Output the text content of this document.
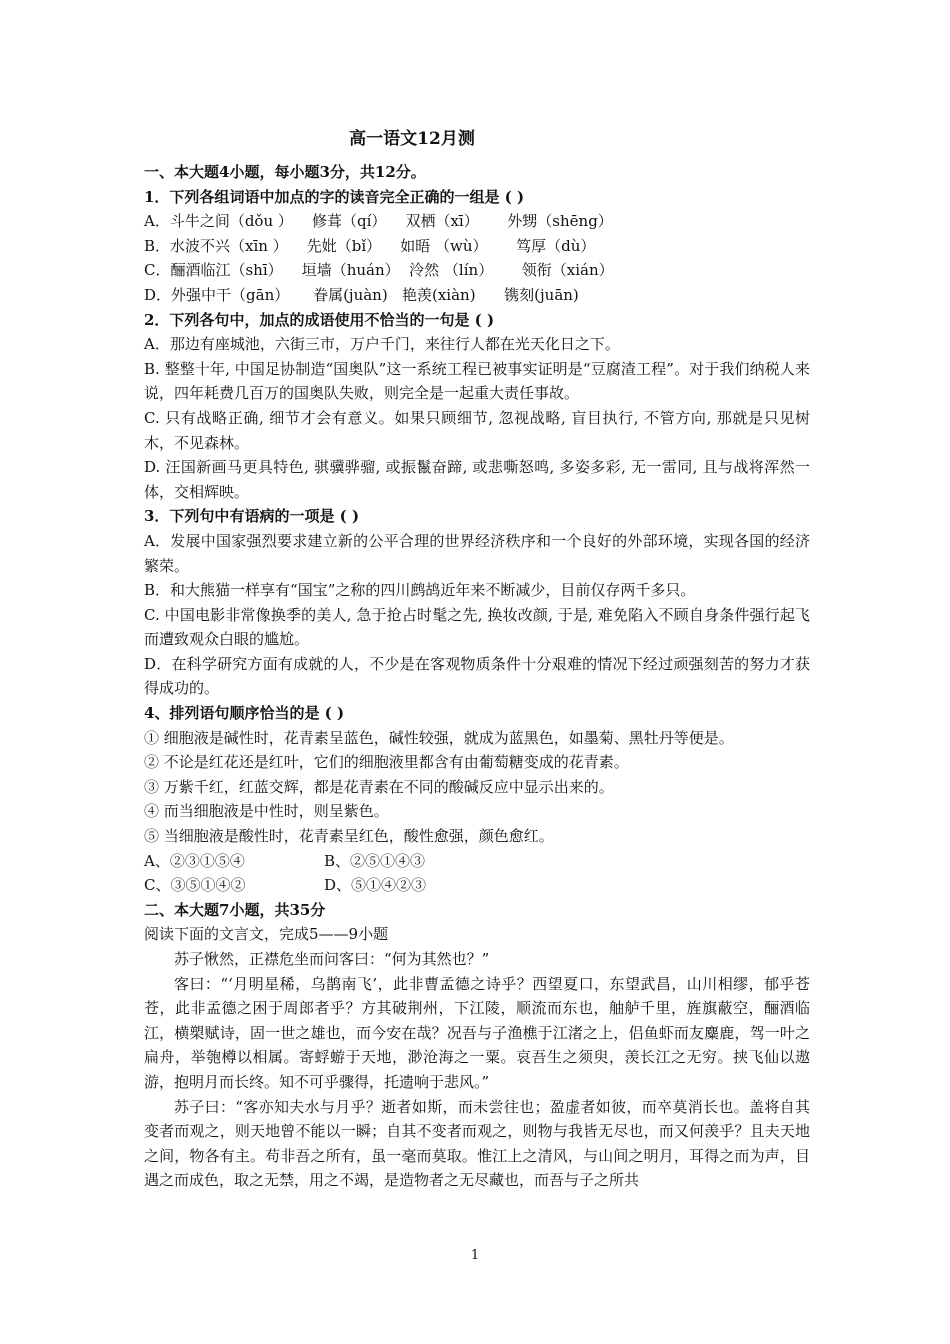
高一语文12月测

一、本大题4小题，每小题3分，共12分。

1．下列各组词语中加点的字的读音完全正确的一组是 ( )

A．斗牛之间（dǒu ）    修葺（qí）    双栖（xī）      外甥（shēng）

B．水波不兴（xīn ）    先妣（bǐ）    如晤 （wù）      笃厚（dù）

C．酾酒临江（shī）    垣墙（huán）  泠然 （lín）      领衔（xián）

D．外强中干（gān）     眷属(juàn)   艳羡(xiàn)      镌刻(juān)

2．下列各句中，加点的成语使用不恰当的一句是 ( )

A．那边有座城池，六街三市，万户千门，来往行人都在光天化日之下。

B. 整整十年, 中国足协制造“国奥队”这一系统工程已被事实证明是“豆腐渣工程”。对于我们纳税人来说，四年耗费几百万的国奥队失败，则完全是一起重大责任事故。

C. 只有战略正确, 细节才会有意义。如果只顾细节, 忽视战略, 盲目执行, 不管方向, 那就是只见树木，不见森林。

D. 汪国新画马更具特色, 骐骥骅骝, 或振鬣奋蹄, 或悲嘶怒鸣, 多姿多彩, 无一雷同, 且与战将浑然一体，交相辉映。

3．下列句中有语病的一项是 ( )

A．发展中国家强烈要求建立新的公平合理的世界经济秩序和一个良好的外部环境，实现各国的经济繁荣。

B．和大熊猫一样享有“国宝”之称的四川鹧鸪近年来不断减少，目前仅存两千多只。

C. 中国电影非常像换季的美人, 急于抢占时髦之先, 换妆改颜, 于是, 难免陷入不顾自身条件强行起飞而遭致观众白眼的尴尬。

D．在科学研究方面有成就的人，不少是在客观物质条件十分艰难的情况下经过顽强刻苦的努力才获得成功的。

4、排列语句顺序恰当的是 ( )

① 细胞液是碱性时，花青素呈蓝色，碱性较强，就成为蓝黑色，如墨菊、黑牡丹等便是。

② 不论是红花还是红叶，它们的细胞液里都含有由葡萄糖变成的花青素。

③ 万紫千红，红蓝交辉，都是花青素在不同的酸碱反应中显示出来的。

④ 而当细胞液是中性时，则呈紫色。

⑤ 当细胞液是酸性时，花青素呈红色，酸性愈强，颜色愈红。

A、②③①⑤④	B、②⑤①④③
C、③⑤①④②	D、⑤①④②③

二、本大题7小题，共35分

阅读下面的文言文，完成5——9小题

苏子愀然，正襟危坐而问客曰：“何为其然也？”

客曰：“‘月明星稀，乌鹊南飞’，此非曹孟德之诗乎？西望夏口，东望武昌，山川相缪，郁乎苍苍，此非孟德之困于周郎者乎？方其破荆州，下江陵，顺流而东也，舳舻千里，旌旗蔽空，酾酒临江，横槊赋诗，固一世之雄也，而今安在哉？况吾与子渔樵于江渚之上，侣鱼虾而友麋鹿，驾一叶之扁舟，举匏樽以相属。寄蜉蝣于天地，渺沧海之一粟。哀吾生之须臾，羡长江之无穷。挟飞仙以遨游，抱明月而长终。知不可乎骤得，托遗响于悲风。”

苏子曰：“客亦知夫水与月乎？逝者如斯，而未尝往也；盈虚者如彼，而卒莫消长也。盖将自其变者而观之，则天地曾不能以一瞬；自其不变者而观之，则物与我皆无尽也，而又何羡乎？且夫天地之间，物各有主。苟非吾之所有，虽一毫而莫取。惟江上之清风，与山间之明月，耳得之而为声，目遇之而成色，取之无禁，用之不竭，是造物者之无尽藏也，而吾与子之所共

1
